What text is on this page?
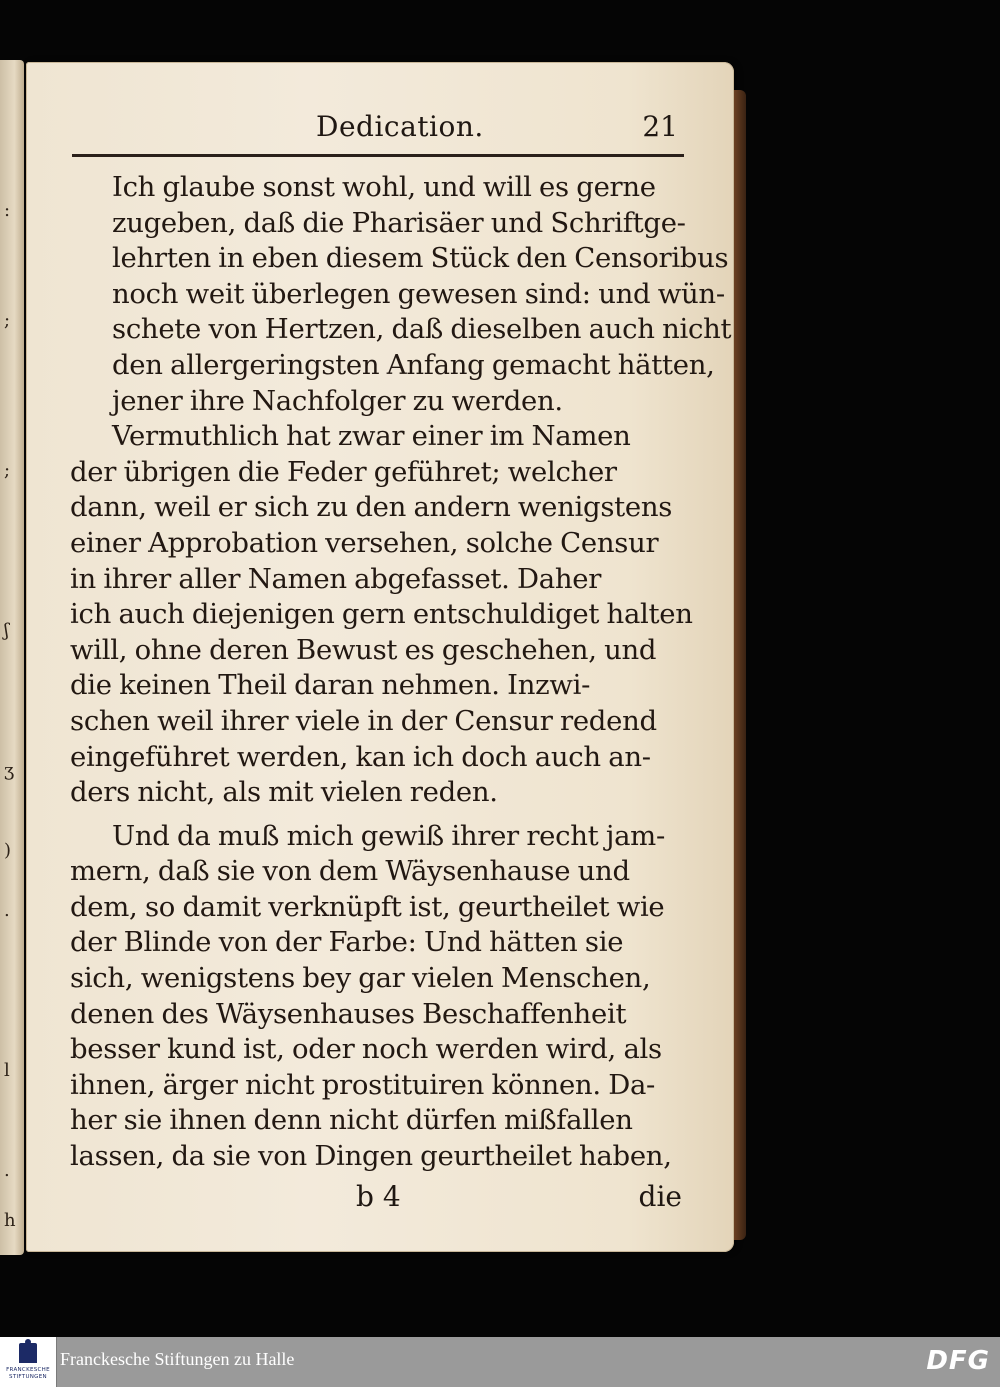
:
;
;
ʃ
ʒ
)
.
l
.
h
Dedication.	21

Ich glaube sonst wohl, und will es gerne
zugeben, daß die Pharisäer und Schriftge-
lehrten in eben diesem Stück den Censoribus
noch weit überlegen gewesen sind: und wün-
schete von Hertzen, daß dieselben auch nicht
den allergeringsten Anfang gemacht hätten,
jener ihre Nachfolger zu werden.

Vermuthlich hat zwar einer im Namen
der übrigen die Feder geführet; welcher
dann, weil er sich zu den andern wenigstens
einer Approbation versehen, solche Censur
in ihrer aller Namen abgefasset. Daher
ich auch diejenigen gern entschuldiget halten
will, ohne deren Bewust es geschehen, und
die keinen Theil daran nehmen. Inzwi-
schen weil ihrer viele in der Censur redend
eingeführet werden, kan ich doch auch an-
ders nicht, als mit vielen reden.

Und da muß mich gewiß ihrer recht jam-
mern, daß sie von dem Wäysenhause und
dem, so damit verknüpft ist, geurtheilet wie
der Blinde von der Farbe: Und hätten sie
sich, wenigstens bey gar vielen Menschen,
denen des Wäysenhauses Beschaffenheit
besser kund ist, oder noch werden wird, als
ihnen, ärger nicht prostituiren können. Da-
her sie ihnen denn nicht dürfen mißfallen
lassen, da sie von Dingen geurtheilet haben,

b 4	die
FRANCKESCHE STIFTUNGEN
Franckesche Stiftungen zu Halle	DFG
